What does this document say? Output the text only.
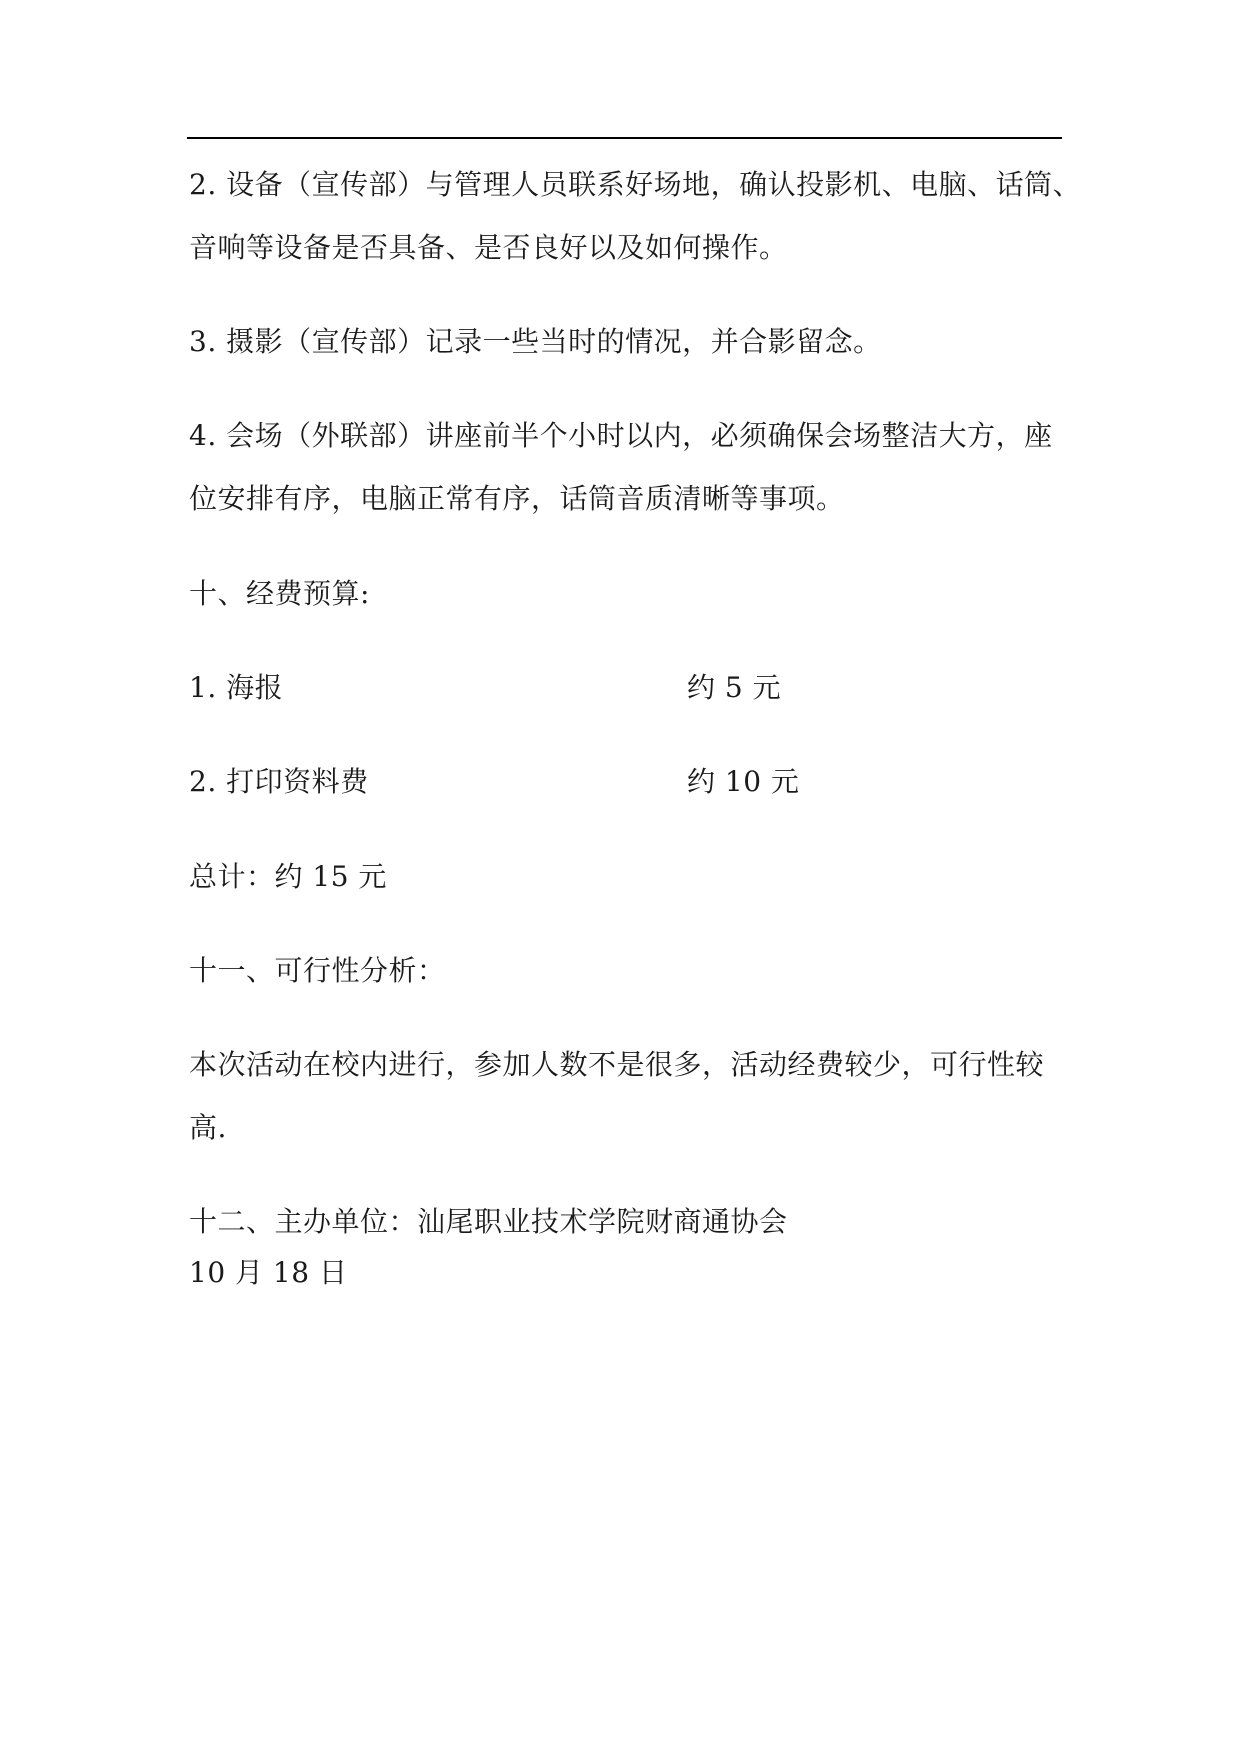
2. 设备（宣传部）与管理人员联系好场地，确认投影机、电脑、话筒、
音响等设备是否具备、是否良好以及如何操作。
3. 摄影（宣传部）记录一些当时的情况，并合影留念。
4. 会场（外联部）讲座前半个小时以内，必须确保会场整洁大方，座
位安排有序，电脑正常有序，话筒音质清晰等事项。
十、经费预算:
1. 海报	约 5 元
2. 打印资料费	约 10 元
总计：约 15 元
十一、可行性分析：
本次活动在校内进行，参加人数不是很多，活动经费较少，可行性较
高.
十二、主办单位：汕尾职业技术学院财商通协会
10 月 18 日
